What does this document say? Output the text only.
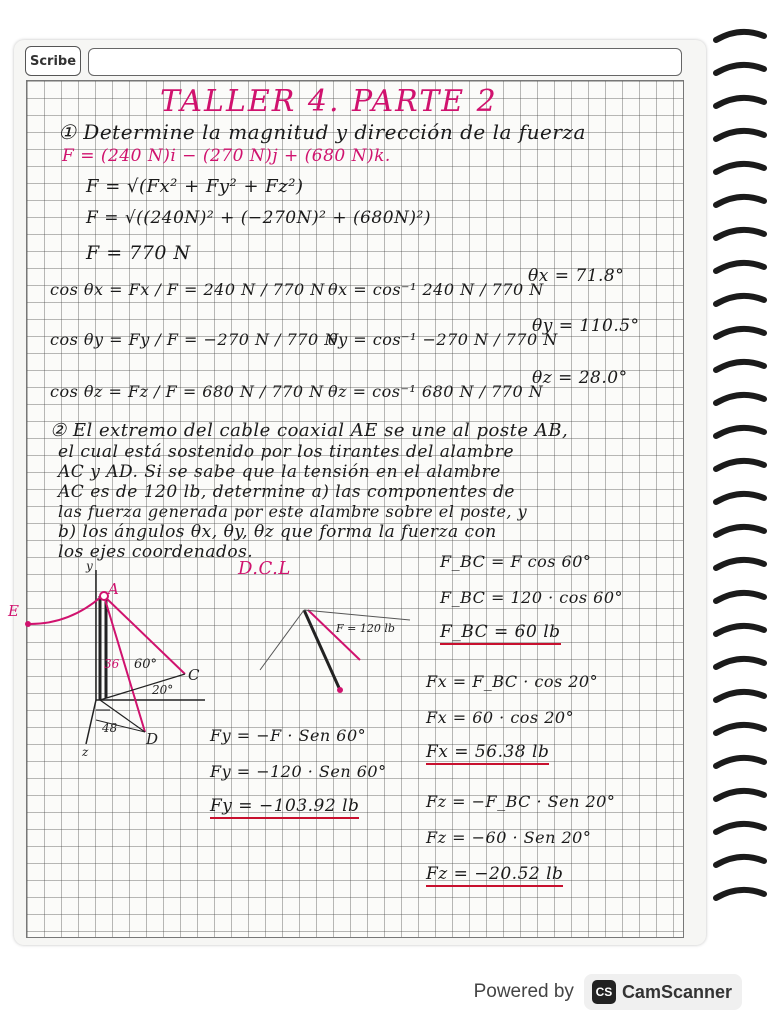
Scribe
TALLER 4. PARTE 2
① Determine la magnitud y dirección de la fuerza
F = (240 N)i − (270 N)j + (680 N)k.
F = √(Fx² + Fy² + Fz²)
F = √((240N)² + (−270N)² + (680N)²)
F = 770 N
cos θx = Fx / F = 240 N / 770 N θx = cos⁻¹ 240 N / 770 N
θx = 71.8°
cos θy = Fy / F = −270 N / 770 N
θy = cos⁻¹ −270 N / 770 N
θy = 110.5°
cos θz = Fz / F = 680 N / 770 N θz = cos⁻¹ 680 N / 770 N
θz = 28.0°
② El extremo del cable coaxial AE se une al poste AB,
el cual está sostenido por los tirantes del alambre
AC y AD. Si se sabe que la tensión en el alambre
AC es de 120 lb, determine a) las componentes de
las fuerza generada por este alambre sobre el poste, y
b) los ángulos θx, θy, θz que forma la fuerza con
los ejes coordenados.
E
A
C
D
y
z
36 60°
20°
48
D.C.L
F = 120 lb
F_BC = F cos 60°
F_BC = 120 · cos 60°
F_BC = 60 lb
Fx = F_BC · cos 20°
Fx = 60 · cos 20°
Fx = 56.38 lb
Fy = −F · Sen 60°
Fy = −120 · Sen 60°
Fy = −103.92 lb	Fz = −F_BC · Sen 20°
Fz = −60 · Sen 20°
Fz = −20.52 lb
Powered by	CS CamScanner
